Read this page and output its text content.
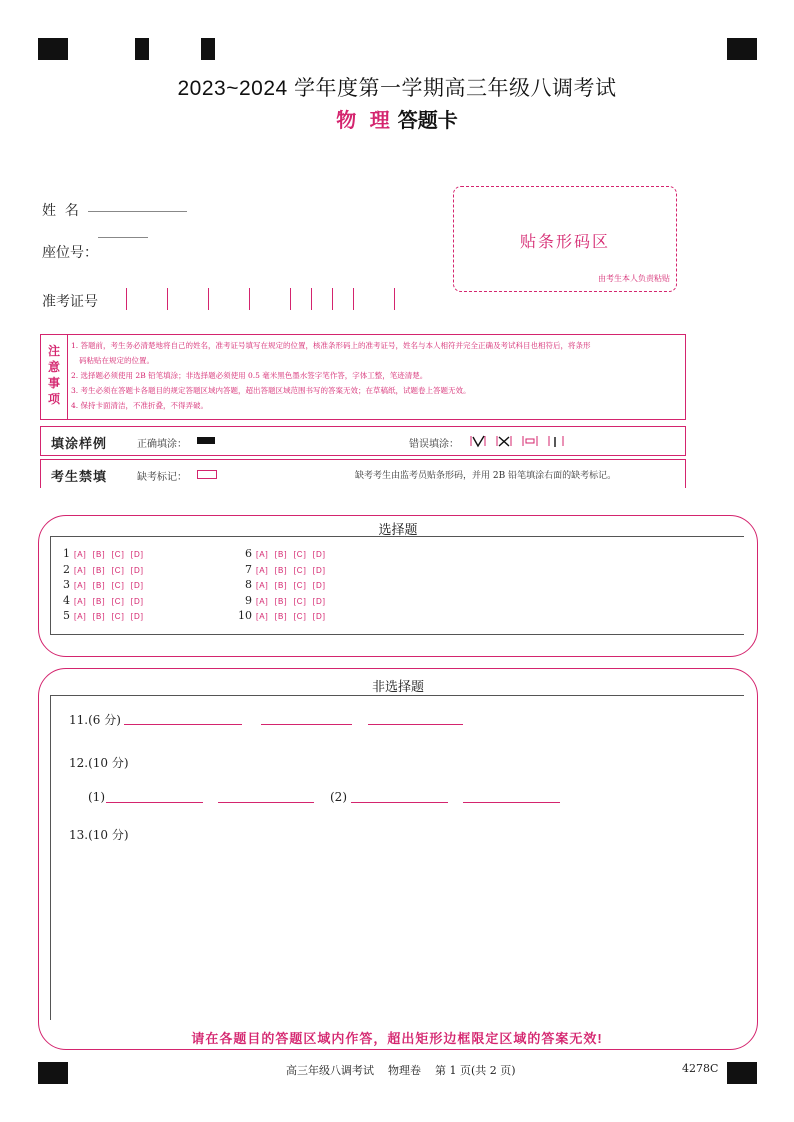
2023~2024 学年度第一学期高三年级八调考试
物 理 答题卡
姓  名
座位号：
准考证号
贴条形码区
由考生本人负责粘贴
注
意
事
项
1. 答题前，考生务必清楚地将自己的姓名，准考证号填写在规定的位置，核准条形码上的准考证号，姓名与本人相符并完全正确及考试科目也相符后，将条形
码粘贴在规定的位置。
2. 选择题必须使用 2B 铅笔填涂；非选择题必须使用 0.5 毫米黑色墨水签字笔作答，字体工整，笔迹清楚。
3. 考生必须在答题卡各题目的规定答题区域内答题，超出答题区域范围书写的答案无效；在草稿纸，试题卷上答题无效。
4. 保持卡面清洁，不准折叠，不得弄破。
填涂样例	正确填涂：	错误填涂：
考生禁填	缺考标记：	缺考考生由监考员贴条形码，并用 2B 铅笔填涂右面的缺考标记。
选择题
1 [A] [B] [C] [D]
2 [A] [B] [C] [D]
3 [A] [B] [C] [D]
4 [A] [B] [C] [D]
5 [A] [B] [C] [D]
6 [A] [B] [C] [D]
7 [A] [B] [C] [D]
8 [A] [B] [C] [D]
9 [A] [B] [C] [D]
10 [A] [B] [C] [D]
非选择题
11.(6 分)
12.(10 分)
(1)	(2)
13.(10 分)
请在各题目的答题区域内作答，超出矩形边框限定区域的答案无效!
高三年级八调考试    物理卷    第 1 页(共 2 页)	4278C
